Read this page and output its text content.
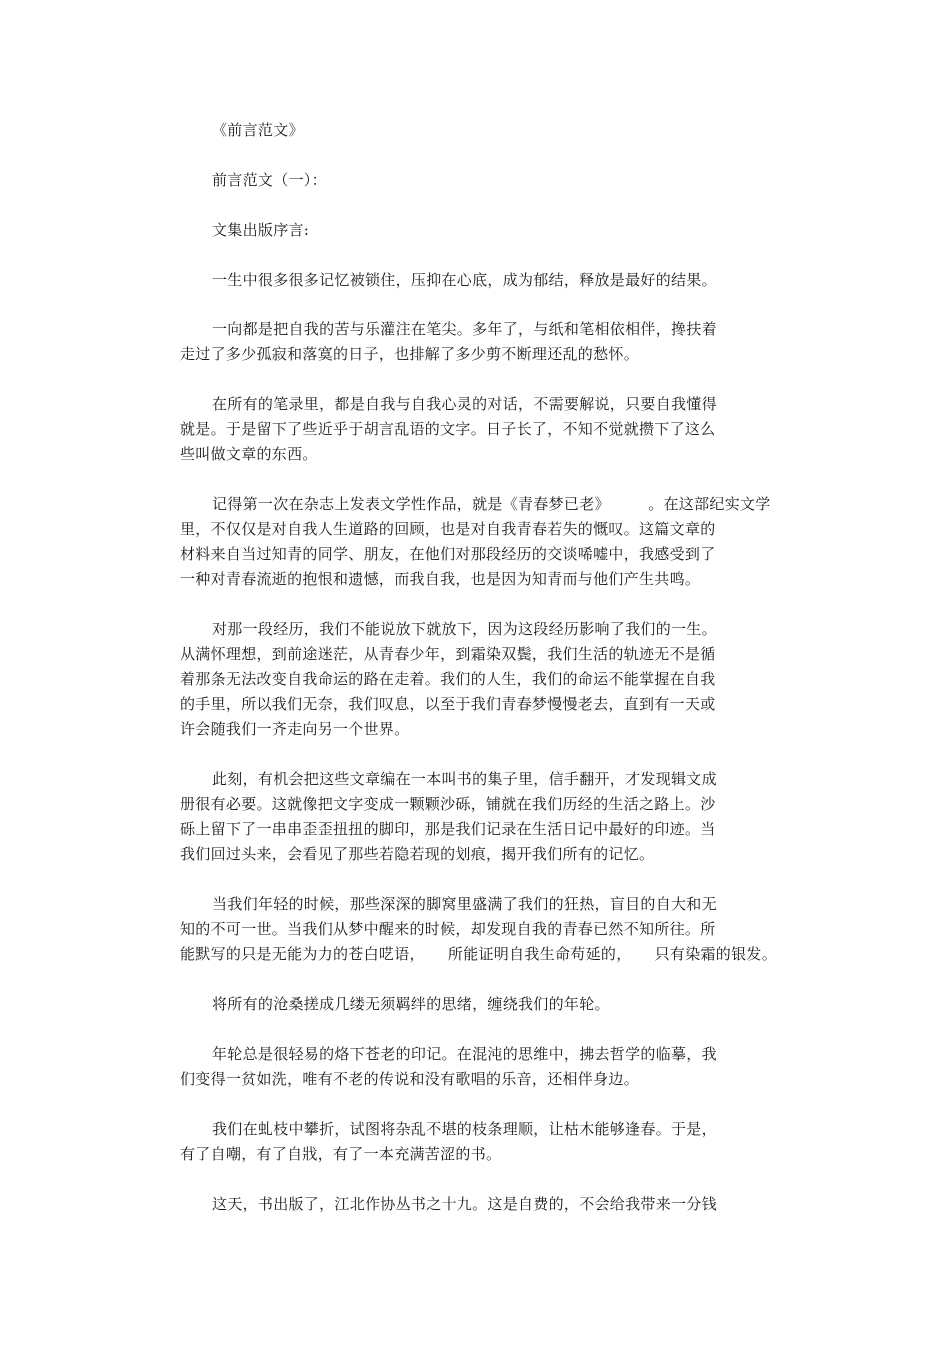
《前言范文》
前言范文（一）：
文集出版序言:
一生中很多很多记忆被锁住，压抑在心底，成为郁结，释放是最好的结果。
一向都是把自我的苦与乐灌注在笔尖。多年了，与纸和笔相依相伴，搀扶着
走过了多少孤寂和落寞的日子，也排解了多少剪不断理还乱的愁怀。
在所有的笔录里，都是自我与自我心灵的对话，不需要解说，只要自我懂得
就是。于是留下了些近乎于胡言乱语的文字。日子长了，不知不觉就攒下了这么
些叫做文章的东西。
记得第一次在杂志上发表文学性作品，就是《青春梦已老》　　　。在这部纪实文学
里，不仅仅是对自我人生道路的回顾，也是对自我青春若失的慨叹。这篇文章的
材料来自当过知青的同学、朋友，在他们对那段经历的交谈唏嘘中，我感受到了
一种对青春流逝的抱恨和遗憾，而我自我，也是因为知青而与他们产生共鸣。
对那一段经历，我们不能说放下就放下，因为这段经历影响了我们的一生。
从满怀理想，到前途迷茫，从青春少年，到霜染双鬓，我们生活的轨迹无不是循
着那条无法改变自我命运的路在走着。我们的人生，我们的命运不能掌握在自我
的手里，所以我们无奈，我们叹息，以至于我们青春梦慢慢老去，直到有一天或
许会随我们一齐走向另一个世界。
此刻，有机会把这些文章编在一本叫书的集子里，信手翻开，才发现辑文成
册很有必要。这就像把文字变成一颗颗沙砾，铺就在我们历经的生活之路上。沙
砾上留下了一串串歪歪扭扭的脚印，那是我们记录在生活日记中最好的印迹。当
我们回过头来，会看见了那些若隐若现的划痕，揭开我们所有的记忆。
当我们年轻的时候，那些深深的脚窝里盛满了我们的狂热，盲目的自大和无
知的不可一世。当我们从梦中醒来的时候，却发现自我的青春已然不知所往。所
能默写的只是无能为力的苍白呓语，　　所能证明自我生命苟延的，　　只有染霜的银发。
将所有的沧桑搓成几缕无须羁绊的思绪，缠绕我们的年轮。
年轮总是很轻易的烙下苍老的印记。在混沌的思维中，拂去哲学的临摹，我
们变得一贫如洗，唯有不老的传说和没有歌唱的乐音，还相伴身边。
我们在虬枝中攀折，试图将杂乱不堪的枝条理顺，让枯木能够逢春。于是，
有了自嘲，有了自戕，有了一本充满苦涩的书。
这天，书出版了，江北作协丛书之十九。这是自费的，不会给我带来一分钱
